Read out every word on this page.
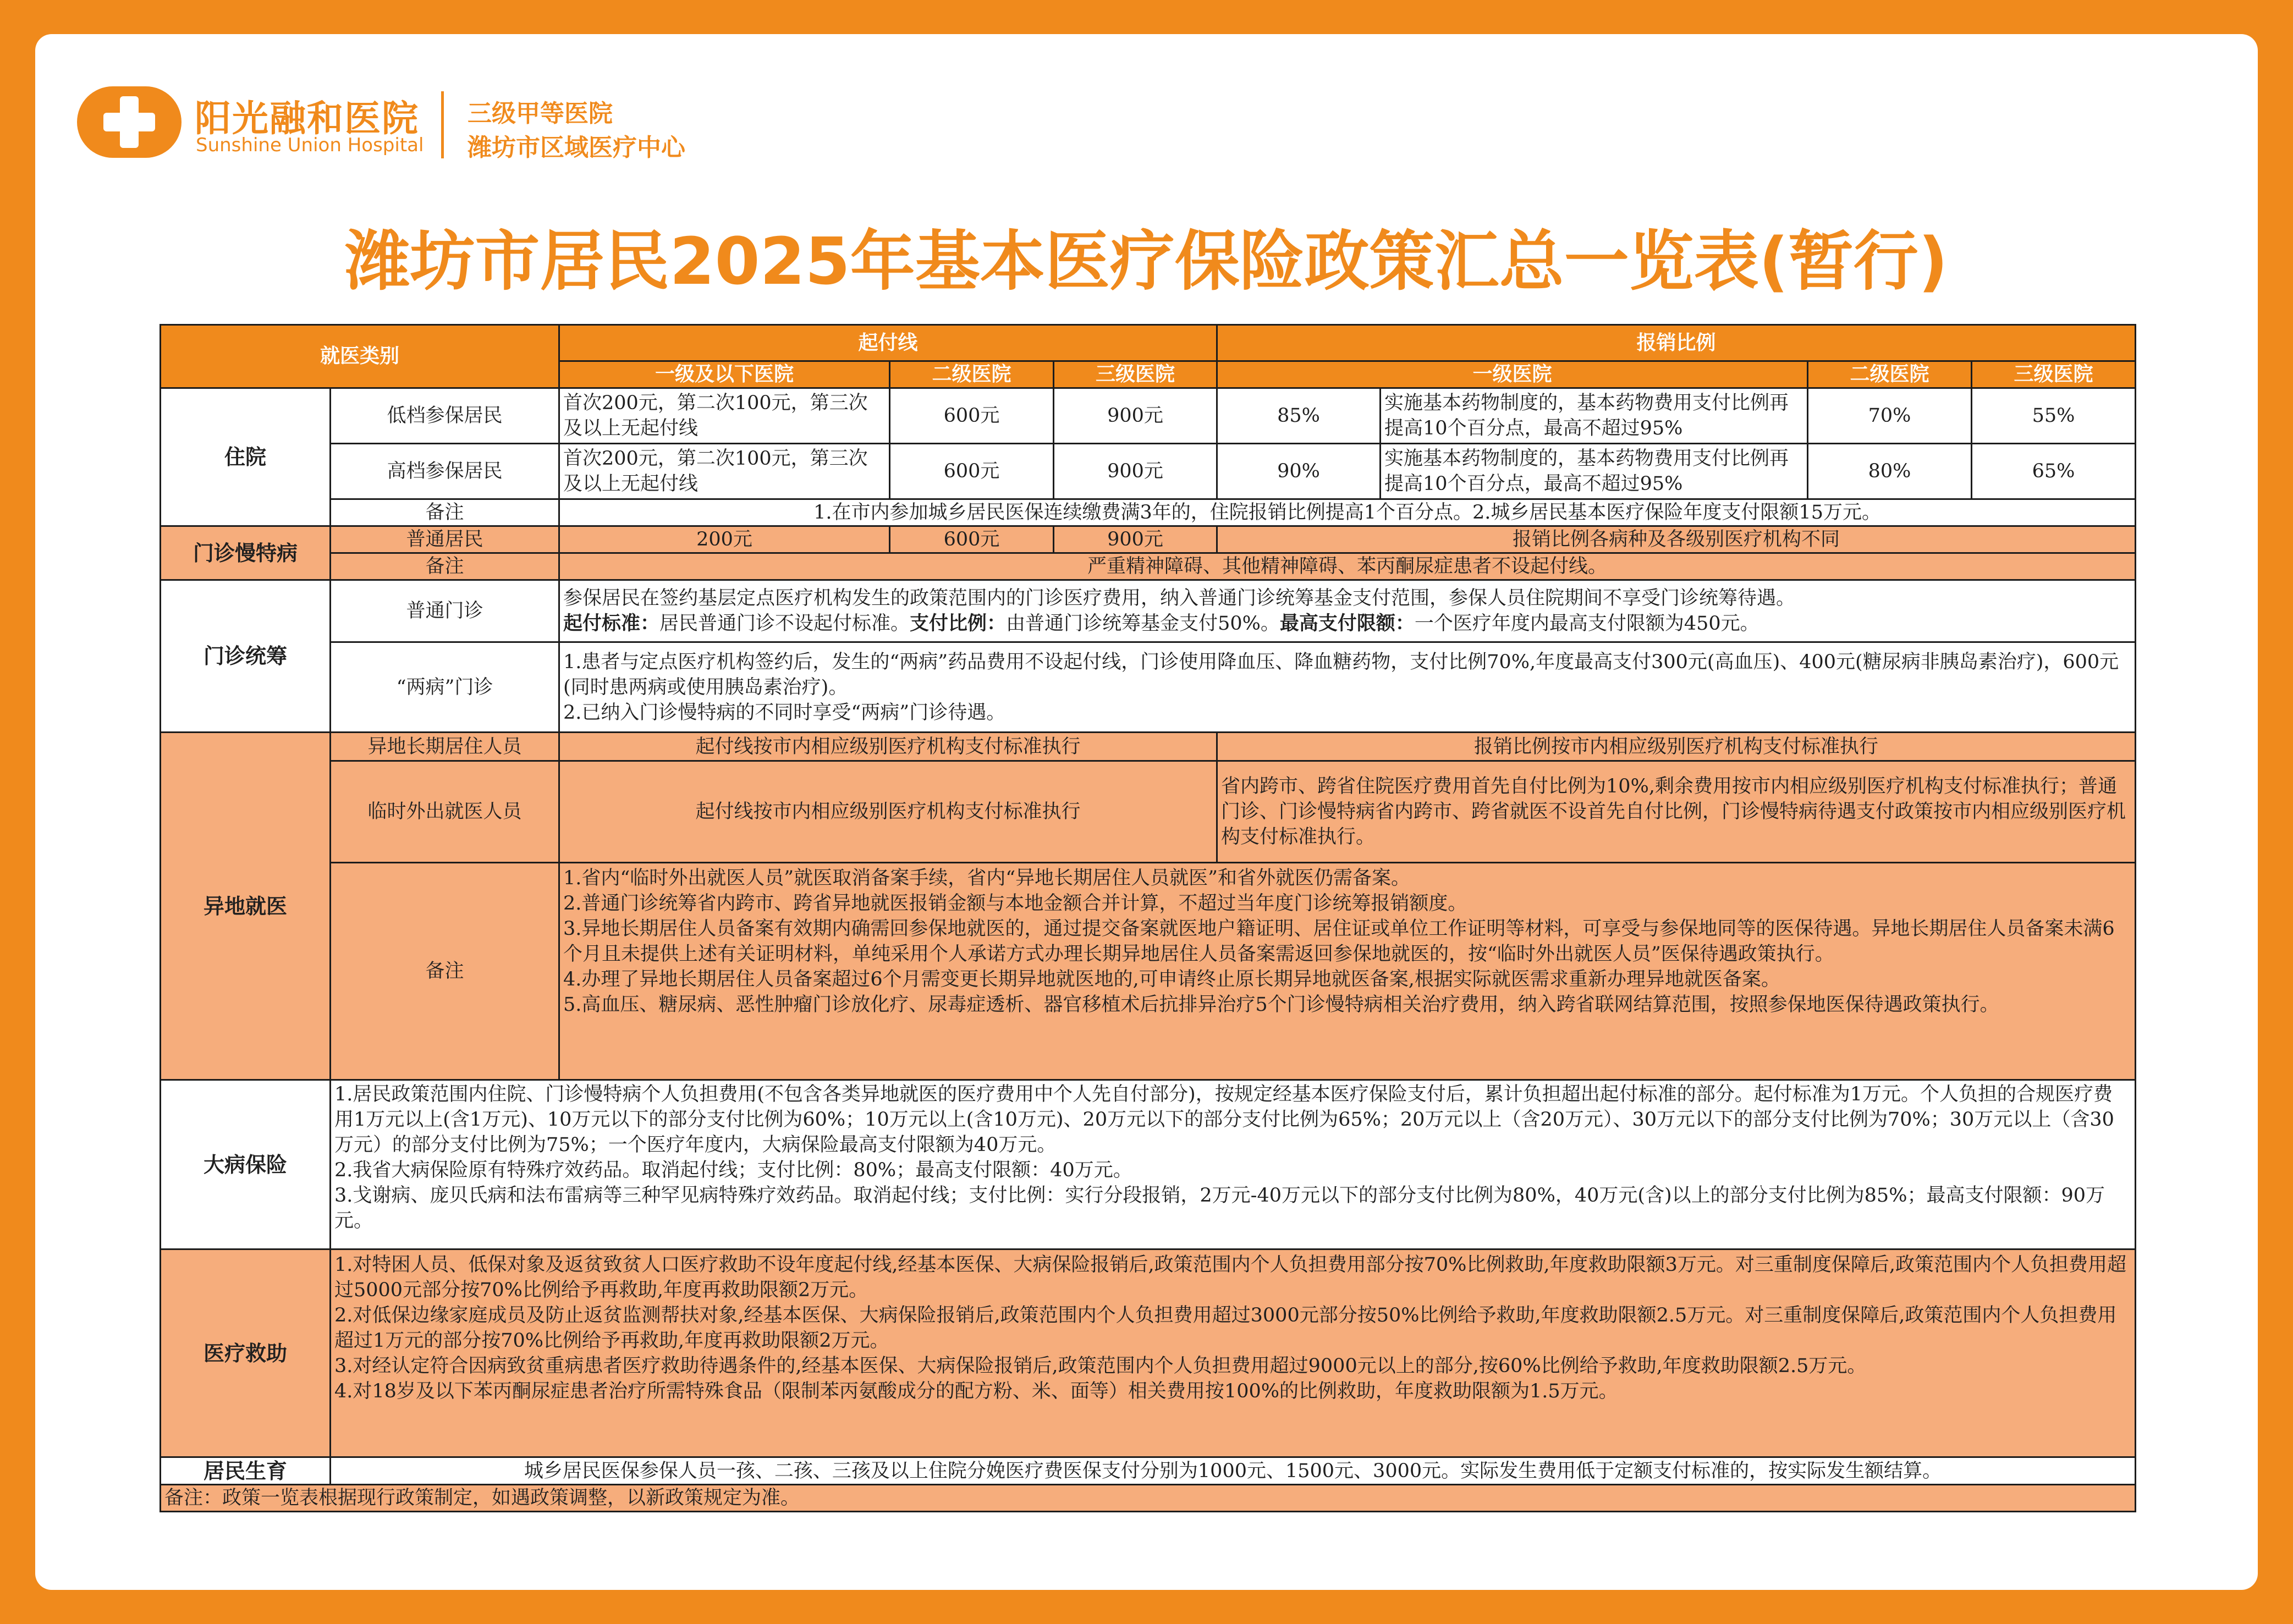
阳光融和医院
Sunshine Union Hospital
三级甲等医院
潍坊市区域医疗中心
潍坊市居民2025年基本医疗保险政策汇总一览表(暂行)
就医类别		起付线			报销比例			
		一级及以下医院	二级医院	三级医院	一级医院		二级医院	三级医院
住院	低档参保居民	首次200元，第二次100元，第三次及以上无起付线	600元	900元	85%	实施基本药物制度的，基本药物费用支付比例再提高10个百分点，最高不超过95%	70%	55%
	高档参保居民	首次200元，第二次100元，第三次及以上无起付线	600元	900元	90%	实施基本药物制度的，基本药物费用支付比例再提高10个百分点，最高不超过95%	80%	65%
	备注	1.在市内参加城乡居民医保连续缴费满3年的，住院报销比例提高1个百分点。2.城乡居民基本医疗保险年度支付限额15万元。						
门诊慢特病	普通居民	200元	600元	900元	报销比例各病种及各级别医疗机构不同			
	备注	严重精神障碍、其他精神障碍、苯丙酮尿症患者不设起付线。						
门诊统筹	普通门诊	参保居民在签约基层定点医疗机构发生的政策范围内的门诊医疗费用，纳入普通门诊统筹基金支付范围，参保人员住院期间不享受门诊统筹待遇。
起付标准：居民普通门诊不设起付标准。支付比例：由普通门诊统筹基金支付50%。最高支付限额：一个医疗年度内最高支付限额为450元。						

	“两病”门诊	1.患者与定点医疗机构签约后，发生的“两病”药品费用不设起付线，门诊使用降血压、降血糖药物，支付比例70%,年度最高支付300元(高血压)、400元(糖尿病非胰岛素治疗)，600元(同时患两病或使用胰岛素治疗)。
2.已纳入门诊慢特病的不同时享受“两病”门诊待遇。						

异地就医	异地长期居住人员	起付线按市内相应级别医疗机构支付标准执行			报销比例按市内相应级别医疗机构支付标准执行			
	临时外出就医人员	起付线按市内相应级别医疗机构支付标准执行			省内跨市、跨省住院医疗费用首先自付比例为10%,剩余费用按市内相应级别医疗机构支付标准执行；普通门诊、门诊慢特病省内跨市、跨省就医不设首先自付比例，门诊慢特病待遇支付政策按市内相应级别医疗机构支付标准执行。			
	备注	1.省内“临时外出就医人员”就医取消备案手续，省内“异地长期居住人员就医”和省外就医仍需备案。
2.普通门诊统筹省内跨市、跨省异地就医报销金额与本地金额合并计算，不超过当年度门诊统筹报销额度。
3.异地长期居住人员备案有效期内确需回参保地就医的，通过提交备案就医地户籍证明、居住证或单位工作证明等材料，可享受与参保地同等的医保待遇。异地长期居住人员备案未满6个月且未提供上述有关证明材料，单纯采用个人承诺方式办理长期异地居住人员备案需返回参保地就医的，按“临时外出就医人员”医保待遇政策执行。
4.办理了异地长期居住人员备案超过6个月需变更长期异地就医地的,可申请终止原长期异地就医备案,根据实际就医需求重新办理异地就医备案。
5.高血压、糖尿病、恶性肿瘤门诊放化疗、尿毒症透析、器官移植术后抗排异治疗5个门诊慢特病相关治疗费用，纳入跨省联网结算范围，按照参保地医保待遇政策执行。						

大病保险	1.居民政策范围内住院、门诊慢特病个人负担费用(不包含各类异地就医的医疗费用中个人先自付部分)，按规定经基本医疗保险支付后，累计负担超出起付标准的部分。起付标准为1万元。个人负担的合规医疗费用1万元以上(含1万元)、10万元以下的部分支付比例为60%；10万元以上(含10万元)、20万元以下的部分支付比例为65%；20万元以上（含20万元）、30万元以下的部分支付比例为70%；30万元以上（含30万元）的部分支付比例为75%；一个医疗年度内，大病保险最高支付限额为40万元。
2.我省大病保险原有特殊疗效药品。取消起付线；支付比例：80%；最高支付限额：40万元。
3.戈谢病、庞贝氏病和法布雷病等三种罕见病特殊疗效药品。取消起付线；支付比例：实行分段报销，2万元-40万元以下的部分支付比例为80%，40万元(含)以上的部分支付比例为85%；最高支付限额：90万元。							

医疗救助	1.对特困人员、低保对象及返贫致贫人口医疗救助不设年度起付线,经基本医保、大病保险报销后,政策范围内个人负担费用部分按70%比例救助,年度救助限额3万元。对三重制度保障后,政策范围内个人负担费用超过5000元部分按70%比例给予再救助,年度再救助限额2万元。
2.对低保边缘家庭成员及防止返贫监测帮扶对象,经基本医保、大病保险报销后,政策范围内个人负担费用超过3000元部分按50%比例给予救助,年度救助限额2.5万元。对三重制度保障后,政策范围内个人负担费用超过1万元的部分按70%比例给予再救助,年度再救助限额2万元。
3.对经认定符合因病致贫重病患者医疗救助待遇条件的,经基本医保、大病保险报销后,政策范围内个人负担费用超过9000元以上的部分,按60%比例给予救助,年度救助限额2.5万元。
4.对18岁及以下苯丙酮尿症患者治疗所需特殊食品（限制苯丙氨酸成分的配方粉、米、面等）相关费用按100%的比例救助，年度救助限额为1.5万元。							

居民生育	城乡居民医保参保人员一孩、二孩、三孩及以上住院分娩医疗费医保支付分别为1000元、1500元、3000元。实际发生费用低于定额支付标准的，按实际发生额结算。							
备注：政策一览表根据现行政策制定，如遇政策调整，以新政策规定为准。								
